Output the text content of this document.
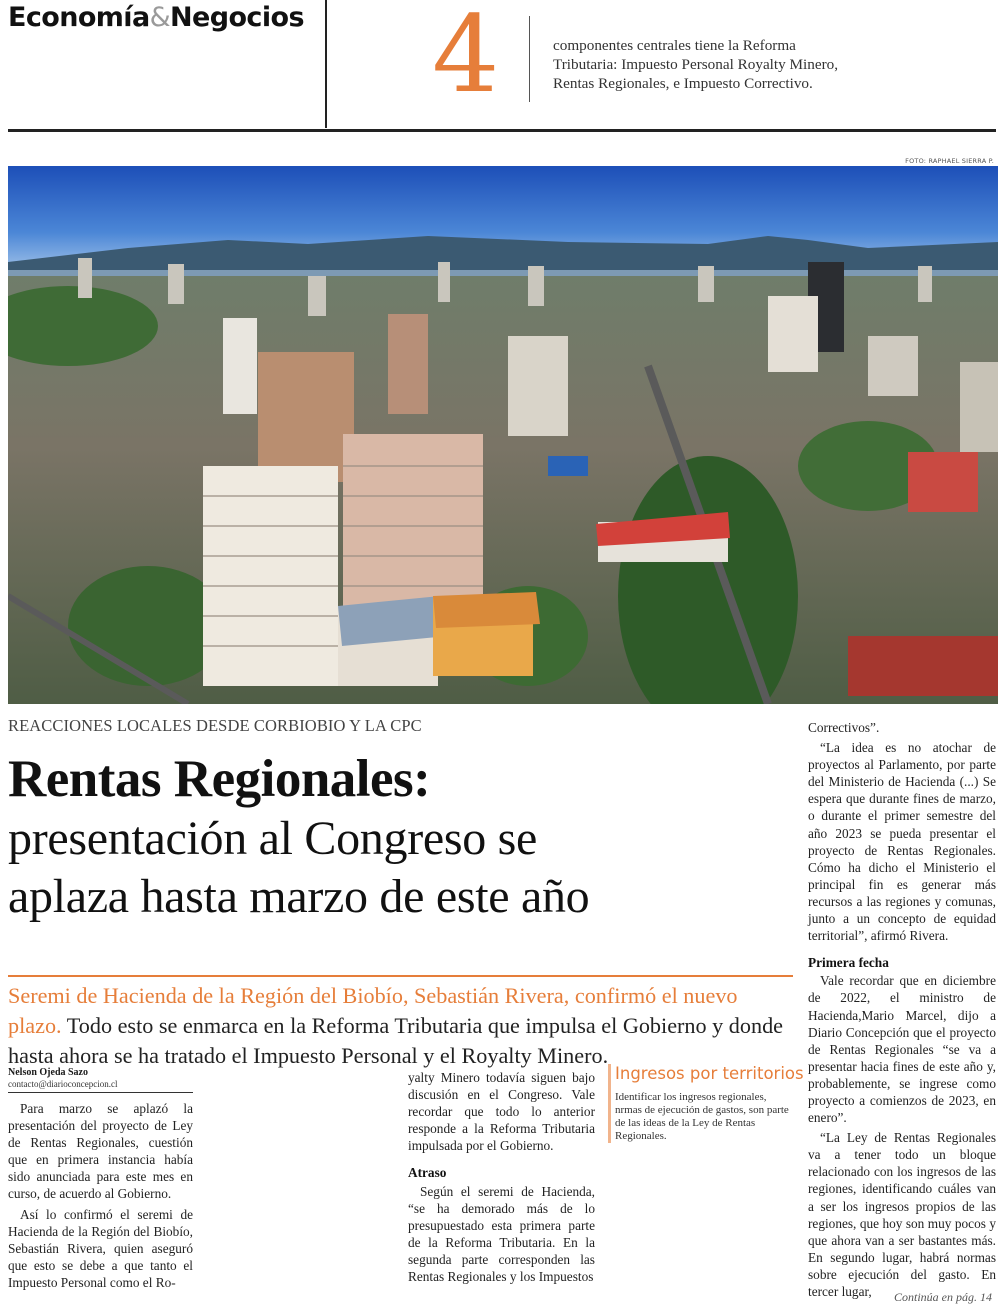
Economía&Negocios 4	componentes centrales tiene la Reforma Tributaria: Impuesto Personal Royalty Minero, Rentas Regionales, e Impuesto Correctivo.
FOTO: RAPHAEL SIERRA P.
REACCIONES LOCALES DESDE CORBIOBIO Y LA CPC
Rentas Regionales:
presentación al Congreso se
aplaza hasta marzo de este año
Seremi de Hacienda de la Región del Biobío, Sebastián Rivera, confirmó el nuevo plazo. Todo esto se enmarca en la Reforma Tributaria que impulsa el Gobierno y donde hasta ahora se ha tratado el Impuesto Personal y el Royalty Minero.
Nelson Ojeda Sazo
contacto@diarioconcepcion.cl

Para marzo se aplazó la presentación del proyecto de Ley de Rentas Regionales, cuestión que en primera instancia había sido anunciada para este mes en curso, de acuerdo al Gobierno.

Así lo confirmó el seremi de Hacienda de la Región del Biobío, Sebastián Rivera, quien aseguró que esto se debe a que tanto el Impuesto Personal como el Ro-

yalty Minero todavía siguen bajo discusión en el Congreso. Vale recordar que todo lo anterior responde a la Reforma Tributaria impulsada por el Gobierno.

Atraso

Según el seremi de Hacienda, “se ha demorado más de lo presupuestado esta primera parte de la Reforma Tributaria. En la segunda parte corresponden las Rentas Regionales y los Impuestos

Ingresos por territorios
Identificar los ingresos regionales, nrmas de ejecución de gastos, son parte de las ideas de la Ley de Rentas Regionales.

Correctivos”.

“La idea es no atochar de proyectos al Parlamento, por parte del Ministerio de Hacienda (...) Se espera que durante fines de marzo, o durante el primer semestre del año 2023 se pueda presentar el proyecto de Rentas Regionales. Cómo ha dicho el Ministerio el principal fin es generar más recursos a las regiones y comunas, junto a un concepto de equidad territorial”, afirmó Rivera.

Primera fecha

Vale recordar que en diciembre de 2022, el ministro de Hacienda,Mario Marcel, dijo a Diario Concepción que el proyecto de Rentas Regionales “se va a presentar hacia fines de este año y, probablemente, se ingrese como proyecto a comienzos de 2023, en enero”.

“La Ley de Rentas Regionales va a tener todo un bloque relacionado con los ingresos de las regiones, identificando cuáles van a ser los ingresos propios de las regiones, que hoy son muy pocos y que ahora van a ser bastantes más. En segundo lugar, habrá normas sobre ejecución del gasto. En tercer lugar,	Continúa en pág. 14
